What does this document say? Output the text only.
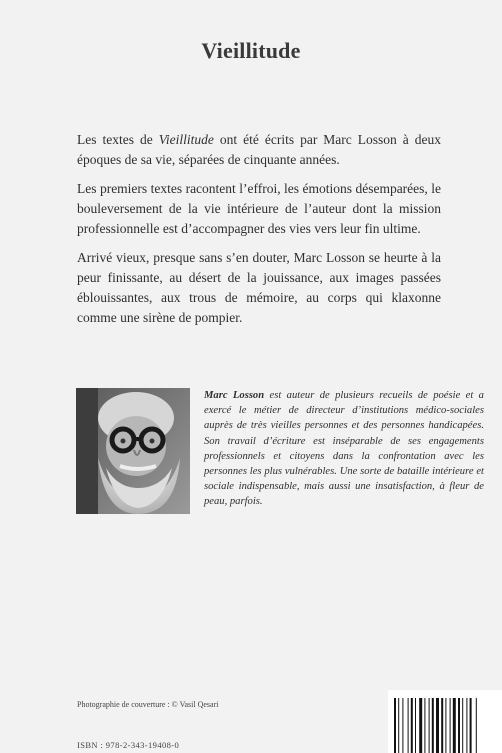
Vieillitude

Les textes de Vieillitude ont été écrits par Marc Losson à deux époques de sa vie, séparées de cinquante années.

Les premiers textes racontent l’effroi, les émotions désemparées, le bouleversement de la vie intérieure de l’auteur dont la mission professionnelle est d’accompagner des vies vers leur fin ultime.

Arrivé vieux, presque sans s’en douter, Marc Losson se heurte à la peur finissante, au désert de la jouissance, aux images passées éblouissantes, aux trous de mémoire, au corps qui klaxonne comme une sirène de pompier.

Marc Losson est auteur de plusieurs recueils de poésie et a exercé le métier de directeur d’institutions médico-sociales auprès de très vieilles personnes et des personnes handicapées. Son travail d’écriture est inséparable de ses engagements professionnels et citoyens dans la confrontation avec les personnes les plus vulnérables. Une sorte de bataille intérieure et sociale indispensable, mais aussi une insatisfaction, à fleur de peau, parfois.

Photographie de couverture : © Vasil Qesari
ISBN : 978-2-343-19408-0
